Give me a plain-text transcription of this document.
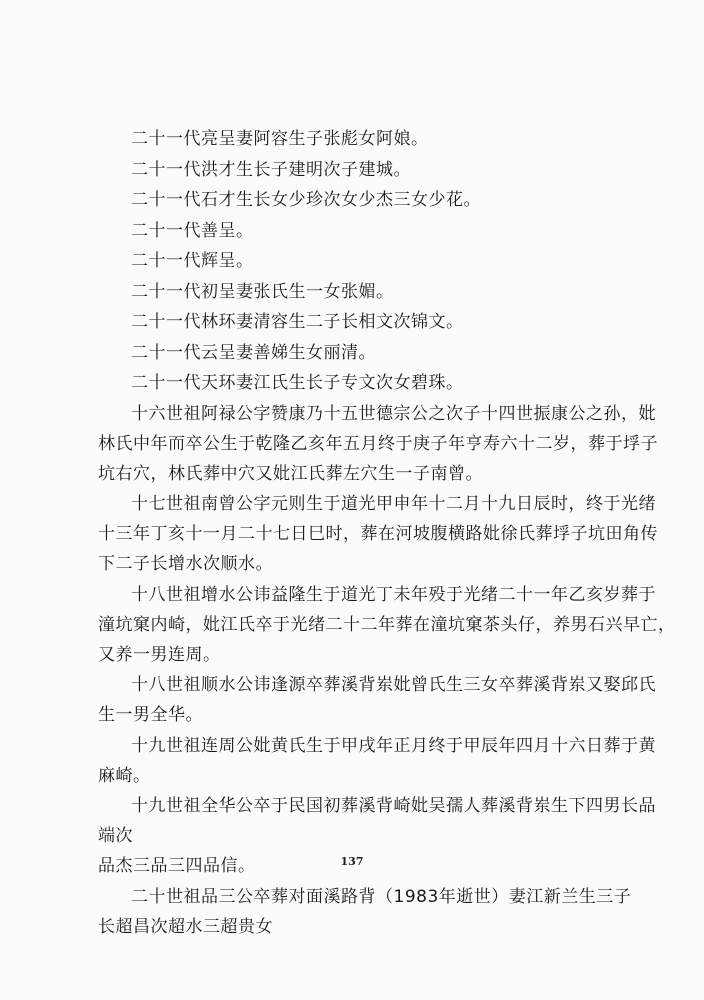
二十一代亮呈妻阿容生子张彪女阿娘。
二十一代洪才生长子建明次子建城。
二十一代石才生长女少珍次女少杰三女少花。
二十一代善呈。
二十一代辉呈。
二十一代初呈妻张氏生一女张媚。
二十一代林环妻清容生二子长相文次锦文。
二十一代云呈妻善娣生女丽清。
二十一代天环妻江氏生长子专文次女碧珠。
十六世祖阿禄公字赞康乃十五世德宗公之次子十四世振康公之孙，妣
林氏中年而卒公生于乾隆乙亥年五月终于庚子年亨寿六十二岁，葬于垺子
坑右穴，林氏葬中穴又妣江氏葬左穴生一子南曾。
十七世祖南曾公字元则生于道光甲申年十二月十九日辰时，终于光绪
十三年丁亥十一月二十七日巳时，葬在河坡腹横路妣徐氏葬垺子坑田角传
下二子长增水次顺水。
十八世祖增水公讳益隆生于道光丁未年殁于光绪二十一年乙亥岁葬于
潼坑窠内崎，妣江氏卒于光绪二十二年葬在潼坑窠茶头仔，养男石兴早亡，
又养一男连周。
十八世祖顺水公讳逢源卒葬溪背岽妣曾氏生三女卒葬溪背岽又娶邱氏
生一男全华。
十九世祖连周公妣黄氏生于甲戌年正月终于甲辰年四月十六日葬于黄
麻崎。
十九世祖全华公卒于民国初葬溪背崎妣吴孺人葬溪背岽生下四男长品
端次
品杰三品三四品信。
二十世祖品三公卒葬对面溪路背（1983年逝世）妻江新兰生三子
长超昌次超水三超贵女
137
